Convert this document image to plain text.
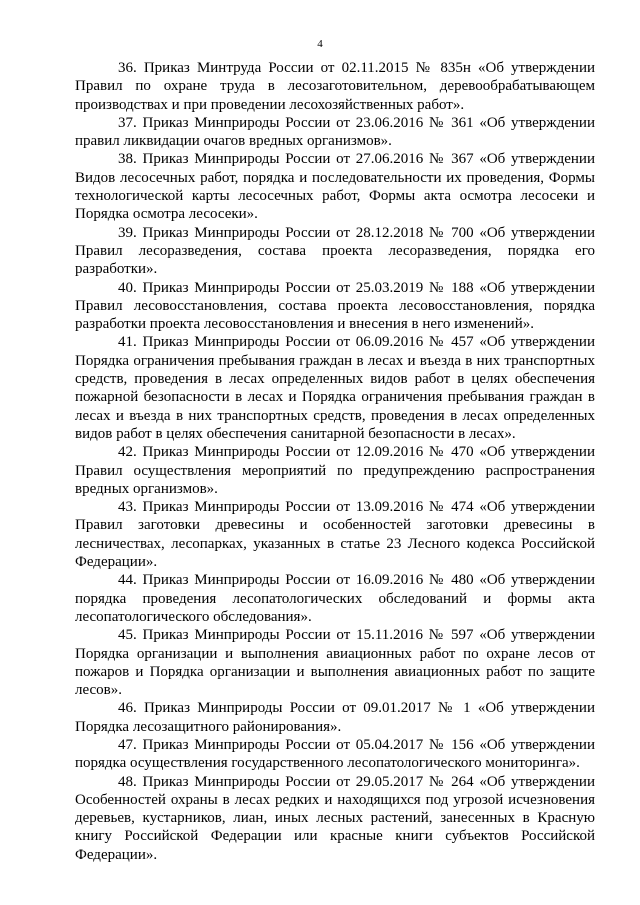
4

36. Приказ Минтруда России от 02.11.2015 № 835н «Об утверждении Правил по охране труда в лесозаготовительном, деревообрабатывающем производствах и при проведении лесохозяйственных работ».

37. Приказ Минприроды России от 23.06.2016 № 361 «Об утверждении правил ликвидации очагов вредных организмов».

38. Приказ Минприроды России от 27.06.2016 № 367 «Об утверждении Видов лесосечных работ, порядка и последовательности их проведения, Формы технологической карты лесосечных работ, Формы акта осмотра лесосеки и Порядка осмотра лесосеки».

39. Приказ Минприроды России от 28.12.2018 № 700 «Об утверждении Правил лесоразведения, состава проекта лесоразведения, порядка его разработки».

40. Приказ Минприроды России от 25.03.2019 № 188 «Об утверждении Правил лесовосстановления, состава проекта лесовосстановления, порядка разработки проекта лесовосстановления и внесения в него изменений».

41. Приказ Минприроды России от 06.09.2016 № 457 «Об утверждении Порядка ограничения пребывания граждан в лесах и въезда в них транспортных средств, проведения в лесах определенных видов работ в целях обеспечения пожарной безопасности в лесах и Порядка ограничения пребывания граждан в лесах и въезда в них транспортных средств, проведения в лесах определенных видов работ в целях обеспечения санитарной безопасности в лесах».

42. Приказ Минприроды России от 12.09.2016 № 470 «Об утверждении Правил осуществления мероприятий по предупреждению распространения вредных организмов».

43. Приказ Минприроды России от 13.09.2016 № 474 «Об утверждении Правил заготовки древесины и особенностей заготовки древесины в лесничествах, лесопарках, указанных в статье 23 Лесного кодекса Российской Федерации».

44. Приказ Минприроды России от 16.09.2016 № 480 «Об утверждении порядка проведения лесопатологических обследований и формы акта лесопатологического обследования».

45. Приказ Минприроды России от 15.11.2016 № 597 «Об утверждении Порядка организации и выполнения авиационных работ по охране лесов от пожаров и Порядка организации и выполнения авиационных работ по защите лесов».

46. Приказ Минприроды России от 09.01.2017 № 1 «Об утверждении Порядка лесозащитного районирования».

47. Приказ Минприроды России от 05.04.2017 № 156 «Об утверждении порядка осуществления государственного лесопатологического мониторинга».

48. Приказ Минприроды России от 29.05.2017 № 264 «Об утверждении Особенностей охраны в лесах редких и находящихся под угрозой исчезновения деревьев, кустарников, лиан, иных лесных растений, занесенных в Красную книгу Российской Федерации или красные книги субъектов Российской Федерации».
